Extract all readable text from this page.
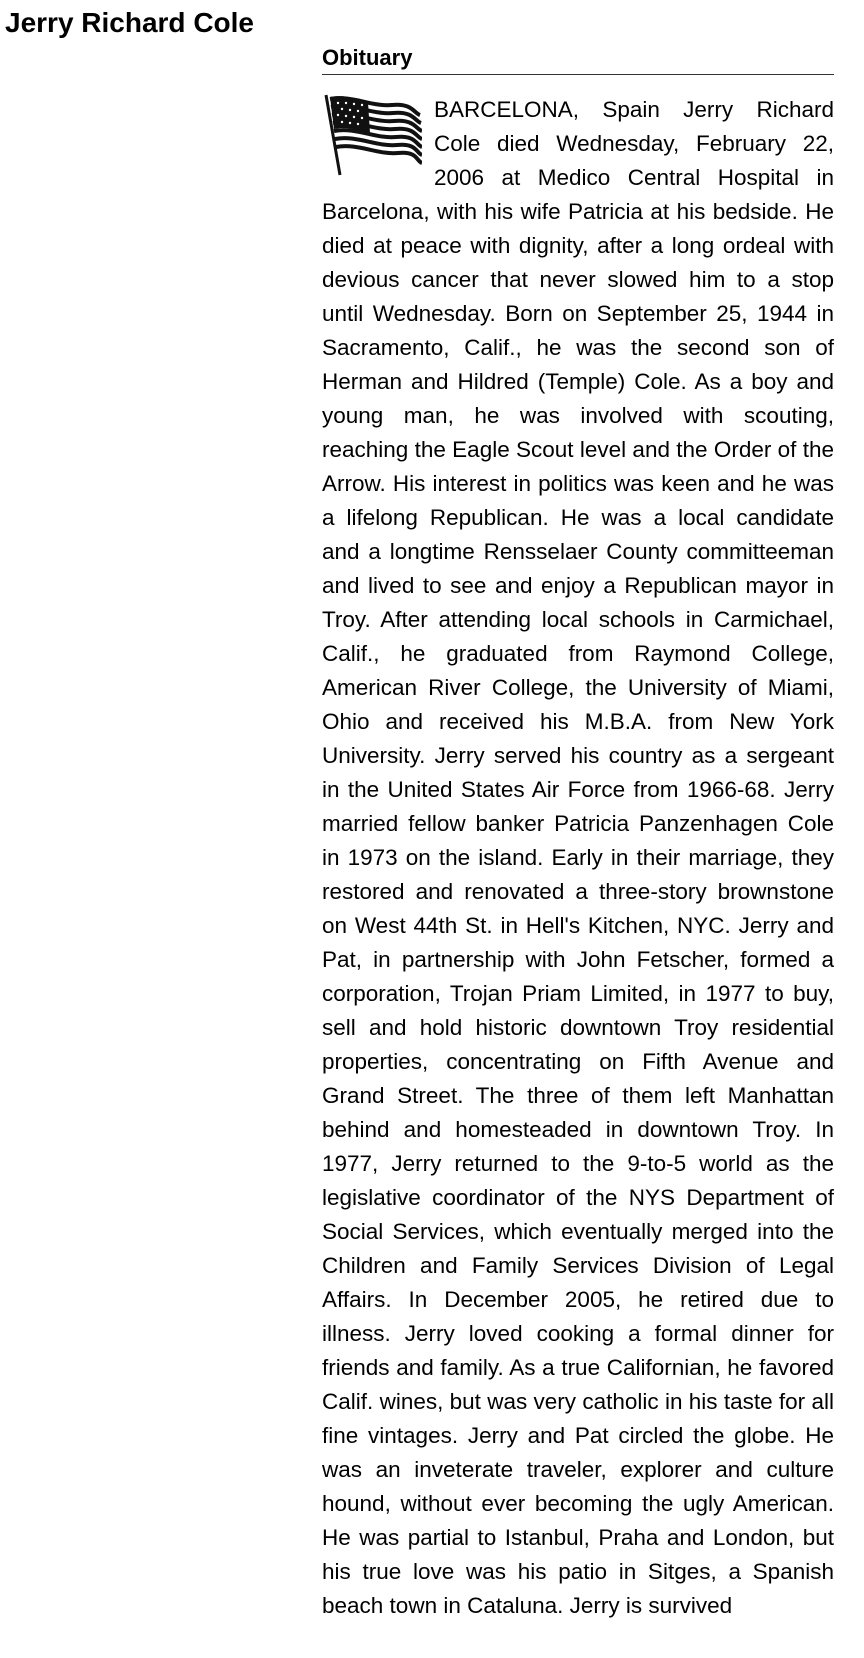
Jerry Richard Cole
Obituary

BARCELONA, Spain Jerry Richard Cole died Wednesday, February 22, 2006 at Medico Central Hospital in Barcelona, with his wife Patricia at his bedside. He died at peace with dignity, after a long ordeal with devious cancer that never slowed him to a stop until Wednesday. Born on September 25, 1944 in Sacramento, Calif., he was the second son of Herman and Hildred (Temple) Cole. As a boy and young man, he was involved with scouting, reaching the Eagle Scout level and the Order of the Arrow. His interest in politics was keen and he was a lifelong Republican. He was a local candidate and a longtime Rensselaer County committeeman and lived to see and enjoy a Republican mayor in Troy. After attending local schools in Carmichael, Calif., he graduated from Raymond College, American River College, the University of Miami, Ohio and received his M.B.A. from New York University. Jerry served his country as a sergeant in the United States Air Force from 1966-68. Jerry married fellow banker Patricia Panzenhagen Cole in 1973 on the island. Early in their marriage, they restored and renovated a three-story brownstone on West 44th St. in Hell's Kitchen, NYC. Jerry and Pat, in partnership with John Fetscher, formed a corporation, Trojan Priam Limited, in 1977 to buy, sell and hold historic downtown Troy residential properties, concentrating on Fifth Avenue and Grand Street. The three of them left Manhattan behind and homesteaded in downtown Troy. In 1977, Jerry returned to the 9-to-5 world as the legislative coordinator of the NYS Department of Social Services, which eventually merged into the Children and Family Services Division of Legal Affairs. In December 2005, he retired due to illness. Jerry loved cooking a formal dinner for friends and family. As a true Californian, he favored Calif. wines, but was very catholic in his taste for all fine vintages. Jerry and Pat circled the globe. He was an inveterate traveler, explorer and culture hound, without ever becoming the ugly American. He was partial to Istanbul, Praha and London, but his true love was his patio in Sitges, a Spanish beach town in Cataluna. Jerry is survived
